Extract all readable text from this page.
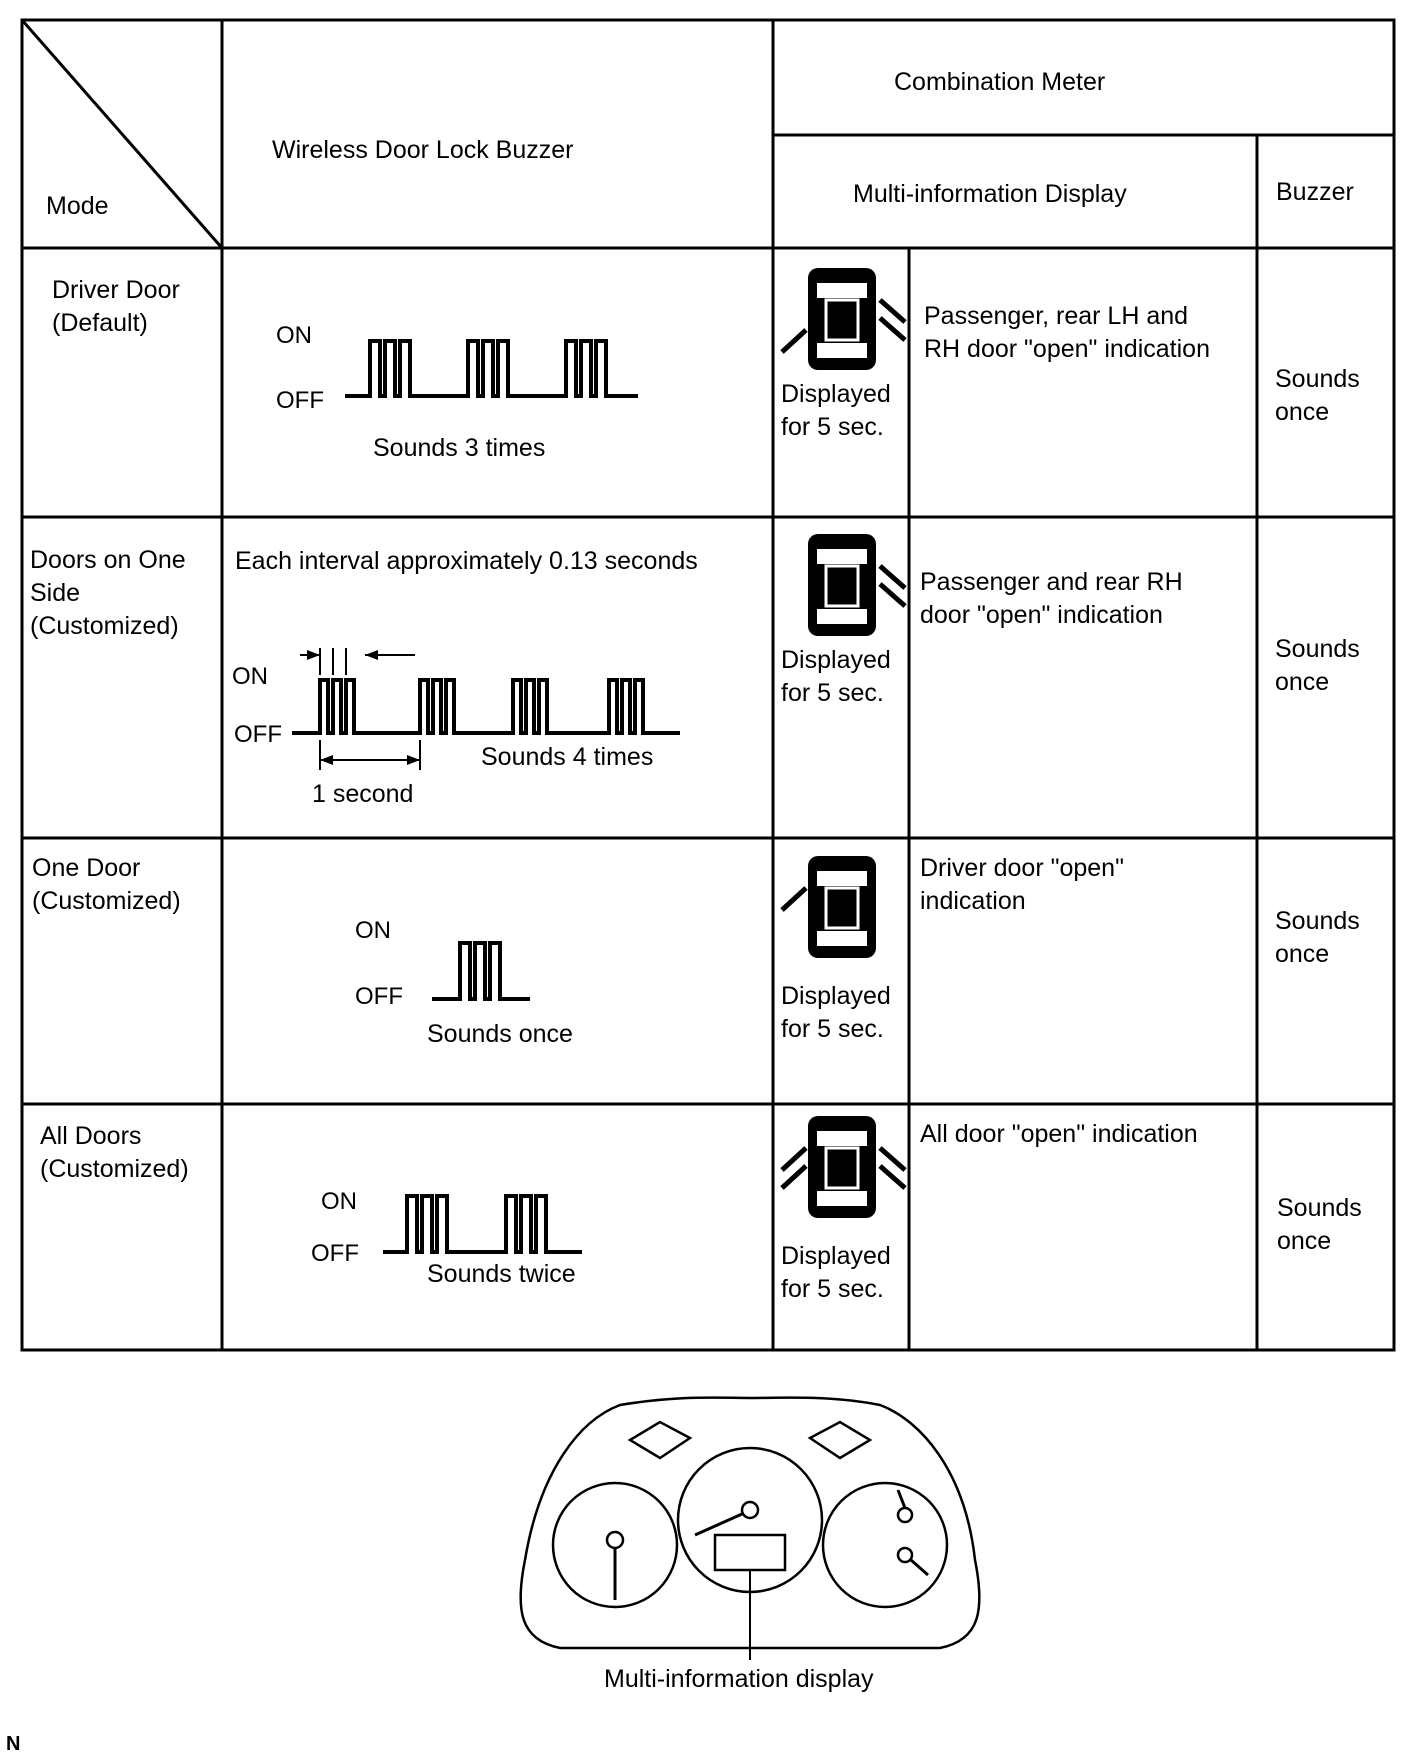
Mode
Wireless Door Lock Buzzer
Combination Meter
Multi-information Display	Buzzer
Driver Door
(Default)	ON
OFF
Sounds 3 times
Displayed
for 5 sec.
Passenger, rear LH and
RH door "open" indication
Sounds
once
Doors on One
Side
(Customized)
Each interval approximately 0.13 seconds
ON
OFF
Sounds 4 times
1 second
Displayed
for 5 sec.
Passenger and rear RH
door "open" indication
Sounds
once
One Door
(Customized)
ON
OFF
Sounds once
Displayed
for 5 sec.
Driver door "open"
indication
Sounds
once
All Doors
(Customized)
ON
OFF
Sounds twice
Displayed
for 5 sec.
All door "open" indication
Sounds
once
Multi-information display
N
